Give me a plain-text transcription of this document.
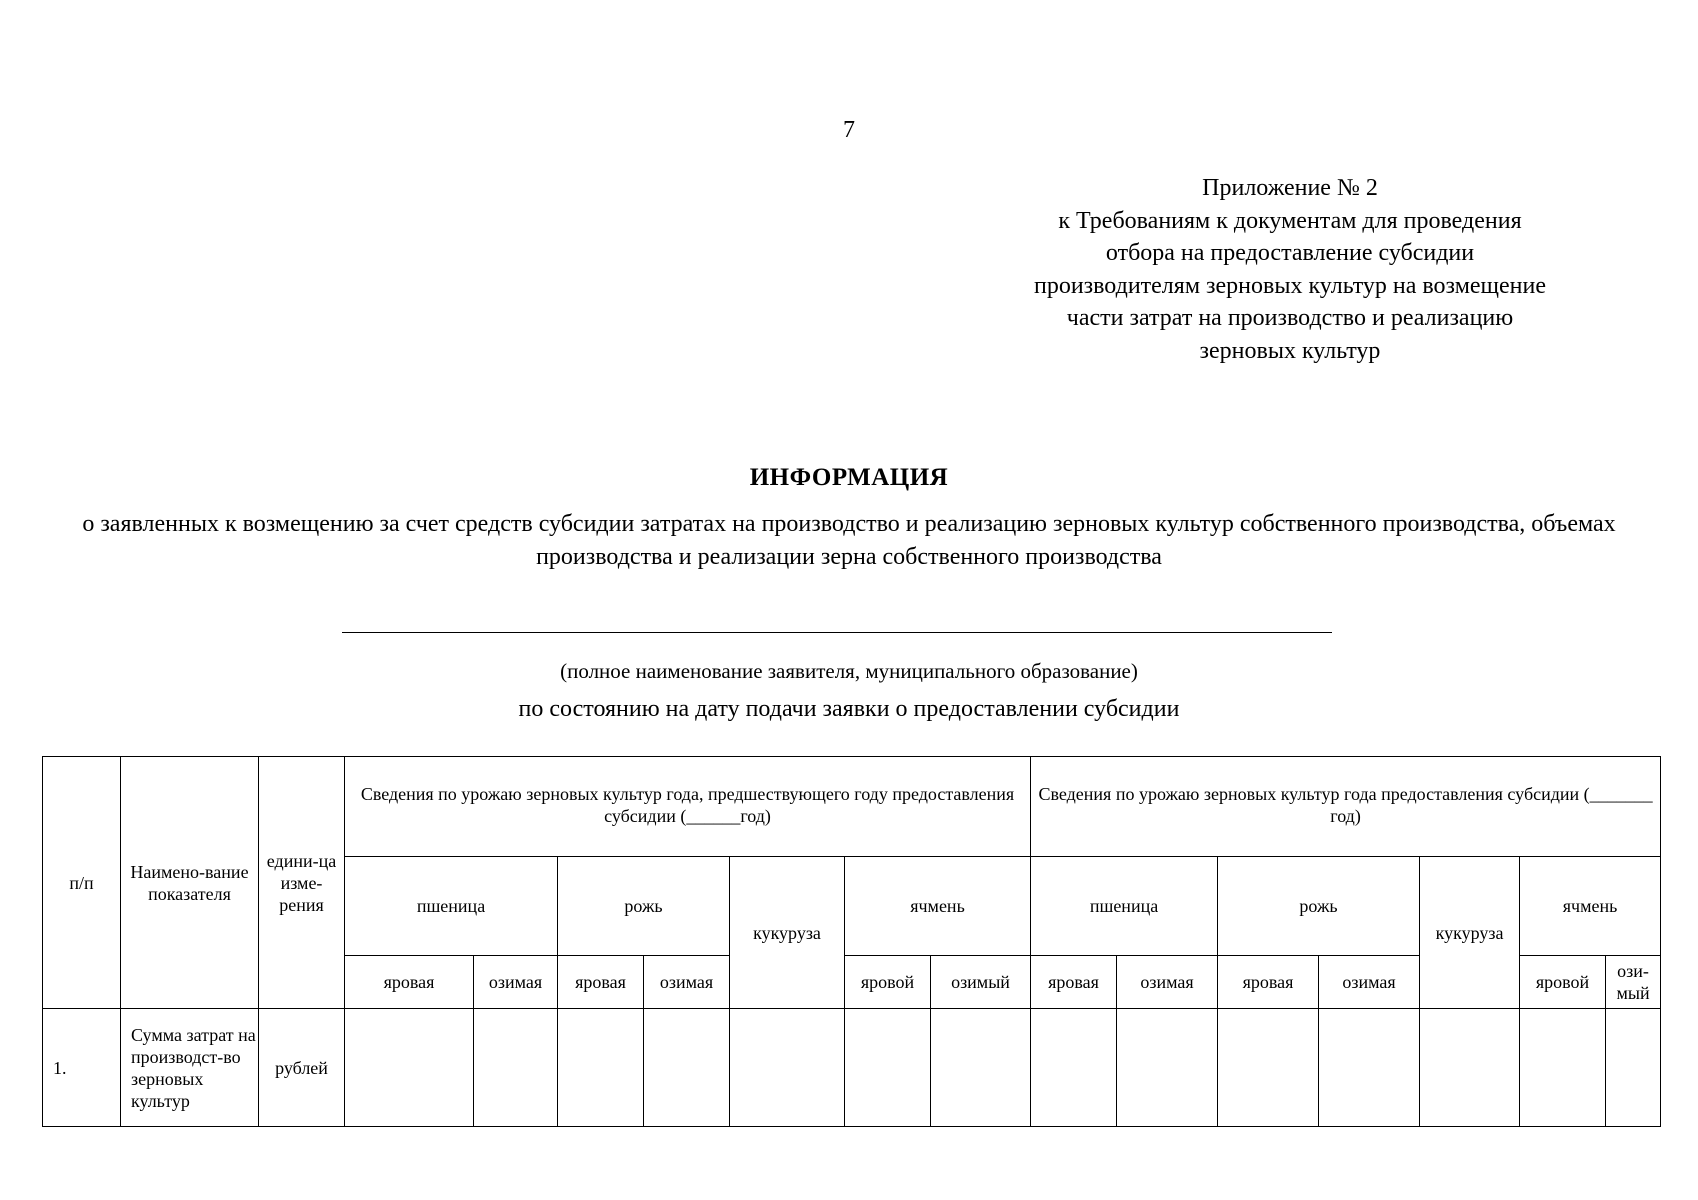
7
Приложение № 2
к Требованиям к документам для проведения
отбора на предоставление субсидии
производителям зерновых культур на возмещение
части затрат на производство и реализацию
зерновых культур
ИНФОРМАЦИЯ
о заявленных к возмещению за счет средств субсидии затратах на производство и реализацию зерновых культур собственного производства, объемах производства и реализации зерна собственного производства
(полное наименование заявителя, муниципального образование)
по состоянию на дату подачи заявки о предоставлении субсидии
п/п	Наимено-вание показателя	едини-ца изме-рения	Сведения по урожаю зерновых культур года, предшествующего году предоставления субсидии (______год)							Сведения по урожаю зерновых культур года предоставления субсидии (_______ год)						
			пшеница		рожь		кукуруза	ячмень		пшеница		рожь		кукуруза	ячмень	
			яровая	озимая	яровая	озимая		яровой	озимый	яровая	озимая	яровая	озимая		яровой	ози-мый
1.	Сумма затрат на производст-во зерновых культур	рублей														
